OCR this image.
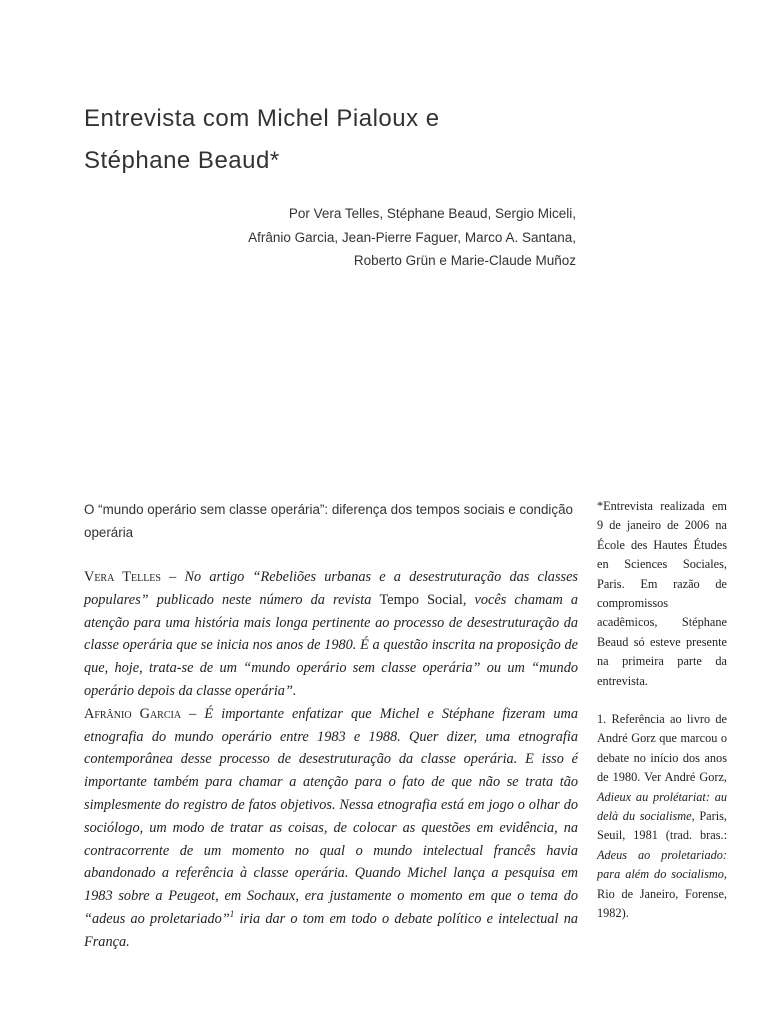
Entrevista com Michel Pialoux e
Stéphane Beaud*
Por Vera Telles, Stéphane Beaud, Sergio Miceli,
Afrânio Garcia, Jean-Pierre Faguer, Marco A. Santana,
Roberto Grün e Marie-Claude Muñoz
O “mundo operário sem classe operária”: diferença dos tempos sociais e condição operária
Vera Telles – No artigo “Rebeliões urbanas e a desestruturação das classes populares” publicado neste número da revista Tempo Social, vocês chamam a atenção para uma história mais longa pertinente ao processo de desestruturação da classe operária que se inicia nos anos de 1980. É a questão inscrita na proposição de que, hoje, trata-se de um “mundo operário sem classe operária” ou um “mundo operário depois da classe operária”.
Afrânio Garcia – É importante enfatizar que Michel e Stéphane fizeram uma etnografia do mundo operário entre 1983 e 1988. Quer dizer, uma etnografia contemporânea desse processo de desestruturação da classe operária. E isso é importante também para chamar a atenção para o fato de que não se trata tão simplesmente do registro de fatos objetivos. Nessa etnografia está em jogo o olhar do sociólogo, um modo de tratar as coisas, de colocar as questões em evidência, na contracorrente de um momento no qual o mundo intelectual francês havia abandonado a referência à classe operária. Quando Michel lança a pesquisa em 1983 sobre a Peugeot, em Sochaux, era justamente o momento em que o tema do “adeus ao proletariado”$^1$ iria dar o tom em todo o debate político e intelectual na França.
*Entrevista realizada em 9 de janeiro de 2006 na École des Hautes Études en Sciences Sociales, Paris. Em razão de compromissos acadêmicos, Stéphane Beaud só esteve presente na primeira parte da entrevista.
1. Referência ao livro de André Gorz que marcou o debate no início dos anos de 1980. Ver André Gorz, Adieux au prolétariat: au delà du socialisme, Paris, Seuil, 1981 (trad. bras.: Adeus ao proletariado: para além do socialismo, Rio de Janeiro, Forense, 1982).
